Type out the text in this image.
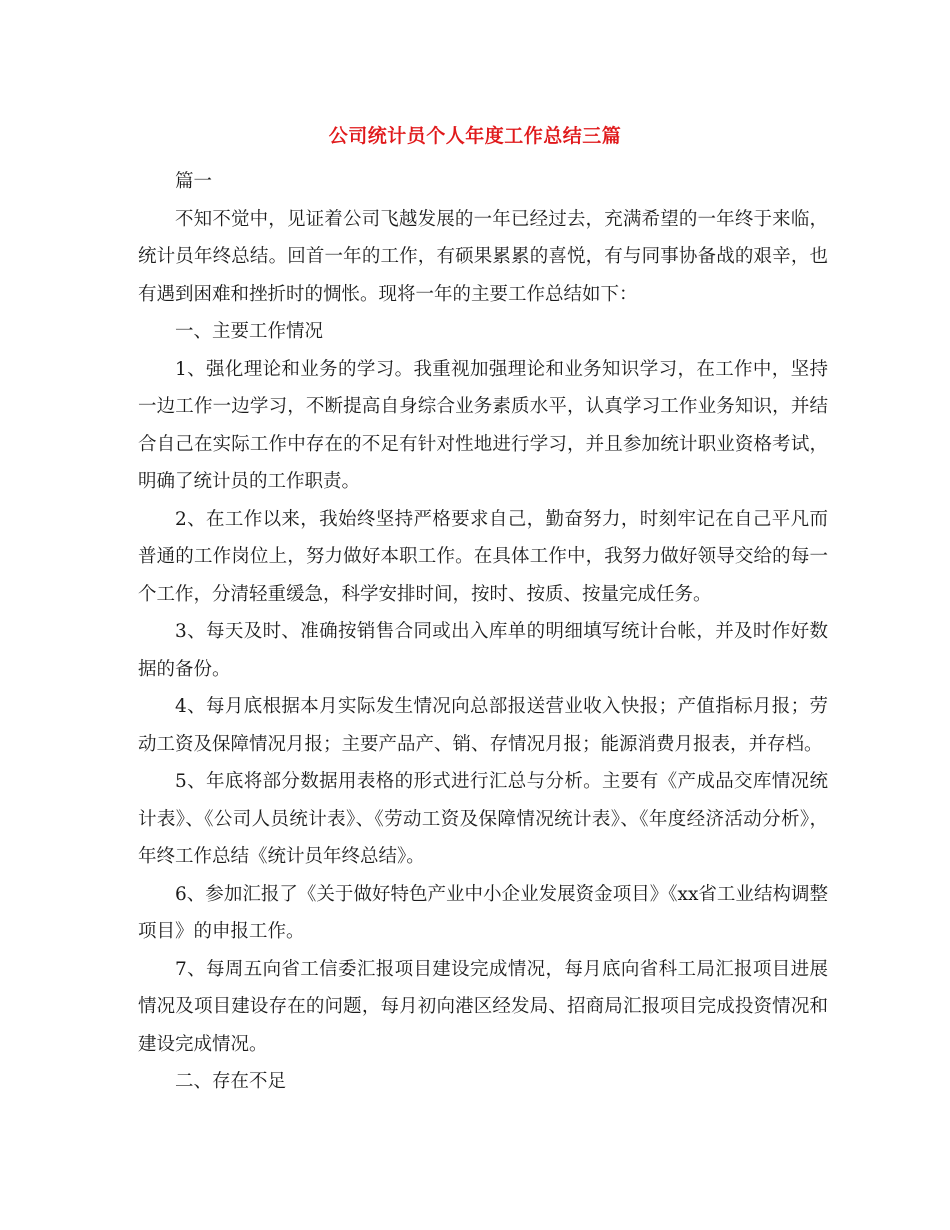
公司统计员个人年度工作总结三篇

篇一

不知不觉中，见证着公司飞越发展的一年已经过去，充满希望的一年终于来临，统计员年终总结。回首一年的工作，有硕果累累的喜悦，有与同事协备战的艰辛，也有遇到困难和挫折时的惆怅。现将一年的主要工作总结如下：

一、主要工作情况

1、强化理论和业务的学习。我重视加强理论和业务知识学习，在工作中，坚持一边工作一边学习，不断提高自身综合业务素质水平，认真学习工作业务知识，并结合自己在实际工作中存在的不足有针对性地进行学习，并且参加统计职业资格考试，明确了统计员的工作职责。

2、在工作以来，我始终坚持严格要求自己，勤奋努力，时刻牢记在自己平凡而普通的工作岗位上，努力做好本职工作。在具体工作中，我努力做好领导交给的每一个工作，分清轻重缓急，科学安排时间，按时、按质、按量完成任务。

3、每天及时、准确按销售合同或出入库单的明细填写统计台帐，并及时作好数据的备份。

4、每月底根据本月实际发生情况向总部报送营业收入快报；产值指标月报；劳动工资及保障情况月报；主要产品产、销、存情况月报；能源消费月报表，并存档。

5、年底将部分数据用表格的形式进行汇总与分析。主要有《产成品交库情况统计表》、《公司人员统计表》、《劳动工资及保障情况统计表》、《年度经济活动分析》，年终工作总结《统计员年终总结》。

6、参加汇报了《关于做好特色产业中小企业发展资金项目》《xx省工业结构调整项目》的申报工作。

7、每周五向省工信委汇报项目建设完成情况，每月底向省科工局汇报项目进展情况及项目建设存在的问题，每月初向港区经发局、招商局汇报项目完成投资情况和建设完成情况。

二、存在不足
